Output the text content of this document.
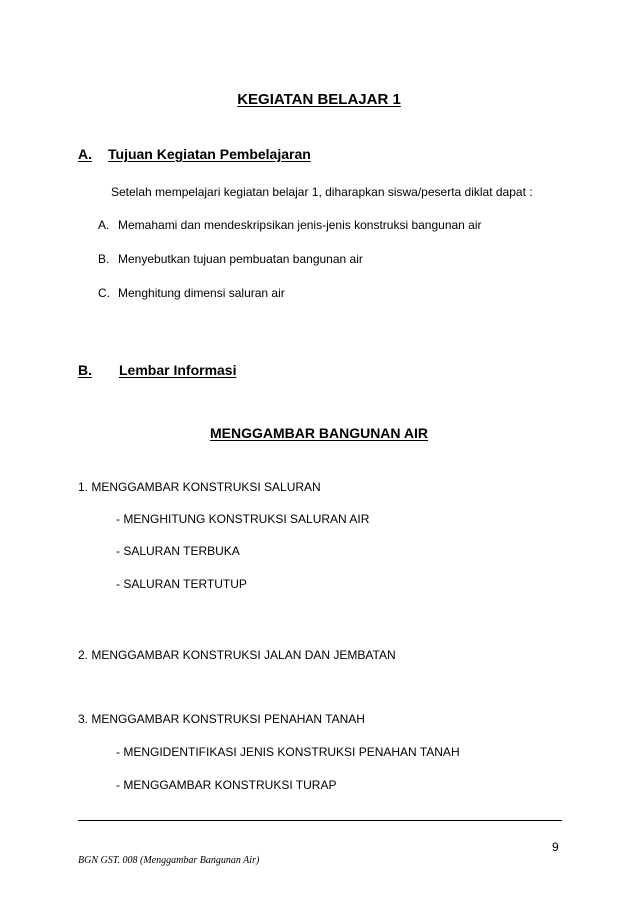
KEGIATAN BELAJAR 1
A. Tujuan Kegiatan Pembelajaran
Setelah mempelajari kegiatan belajar 1, diharapkan siswa/peserta diklat dapat :
A. Memahami dan mendeskripsikan jenis-jenis konstruksi bangunan air
B. Menyebutkan tujuan pembuatan bangunan air
C. Menghitung dimensi saluran air
B. Lembar Informasi
MENGGAMBAR BANGUNAN AIR
1. MENGGAMBAR KONSTRUKSI SALURAN
- MENGHITUNG KONSTRUKSI SALURAN AIR
- SALURAN TERBUKA
- SALURAN TERTUTUP
2. MENGGAMBAR KONSTRUKSI JALAN DAN JEMBATAN
3. MENGGAMBAR KONSTRUKSI PENAHAN TANAH
- MENGIDENTIFIKASI JENIS KONSTRUKSI PENAHAN TANAH
- MENGGAMBAR KONSTRUKSI TURAP
9
BGN GST. 008 (Menggambar Bangunan Air)
